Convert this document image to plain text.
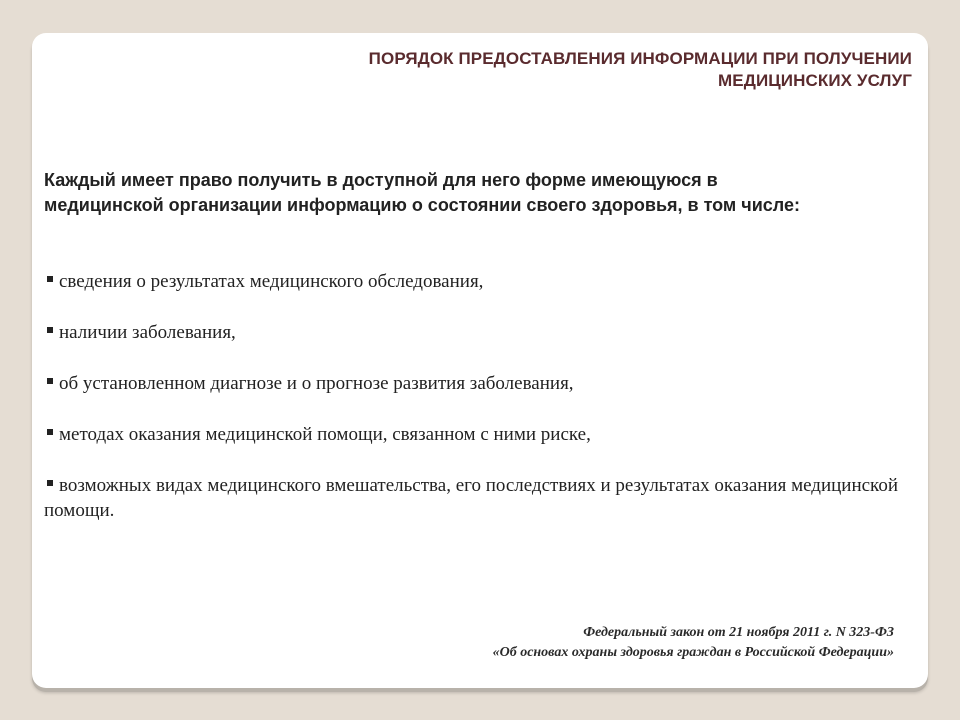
ПОРЯДОК ПРЕДОСТАВЛЕНИЯ ИНФОРМАЦИИ ПРИ ПОЛУЧЕНИИ
МЕДИЦИНСКИХ УСЛУГ
Каждый имеет право получить в доступной для него форме имеющуюся в
медицинской организации информацию о состоянии своего здоровья, в том числе:
сведения о результатах медицинского обследования,
наличии заболевания,
об установленном диагнозе и о прогнозе развития заболевания,
методах оказания медицинской помощи, связанном с ними риске,
возможных видах медицинского вмешательства, его последствиях и результатах оказания медицинской помощи.
Федеральный закон от 21 ноября 2011 г. N 323-ФЗ
«Об основах охраны здоровья граждан в Российской Федерации»
